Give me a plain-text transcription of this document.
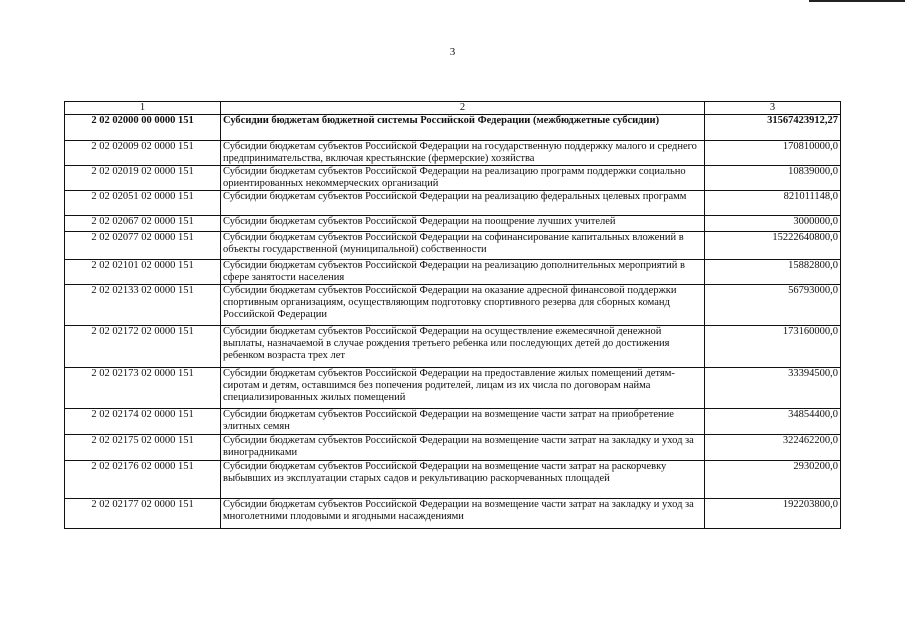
3
1	2	3
2 02 02000 00 0000 151	Субсидии бюджетам бюджетной системы Российской Федерации (межбюджетные субсидии)	31567423912,27
2 02 02009 02 0000 151	Субсидии бюджетам субъектов Российской Федерации на государственную поддержку малого и среднего предпринимательства, включая крестьянские (фермерские) хозяйства	170810000,0
2 02 02019 02 0000 151	Субсидии бюджетам субъектов Российской Федерации на реализацию программ поддержки социально ориентированных некоммерческих организаций	10839000,0
2 02 02051 02 0000 151	Субсидии бюджетам субъектов Российской Федерации на реализацию федеральных целевых программ	821011148,0
2 02 02067 02 0000 151	Субсидии бюджетам субъектов Российской Федерации на поощрение лучших учителей	3000000,0
2 02 02077 02 0000 151	Субсидии бюджетам субъектов Российской Федерации на софинансирование капитальных вложений в объекты государственной (муниципальной) собственности	15222640800,0
2 02 02101 02 0000 151	Субсидии бюджетам субъектов Российской Федерации на реализацию дополнительных мероприятий в сфере занятости населения	15882800,0
2 02 02133 02 0000 151	Субсидии бюджетам субъектов Российской Федерации на оказание адресной финансовой поддержки спортивным организациям, осуществляющим подготовку спортивного резерва для сборных команд Российской Федерации	56793000,0
2 02 02172 02 0000 151	Субсидии бюджетам субъектов Российской Федерации на осуществление ежемесячной денежной выплаты, назначаемой в случае рождения третьего ребенка или последующих детей до достижения ребенком возраста трех лет	173160000,0
2 02 02173 02 0000 151	Субсидии бюджетам субъектов Российской Федерации на предоставление жилых помещений детям-сиротам и детям, оставшимся без попечения родителей, лицам из их числа по договорам найма специализированных жилых помещений	33394500,0
2 02 02174 02 0000 151	Субсидии бюджетам субъектов Российской Федерации на возмещение части затрат на приобретение элитных семян	34854400,0
2 02 02175 02 0000 151	Субсидии бюджетам субъектов Российской Федерации на возмещение части затрат на закладку и уход за виноградниками	322462200,0
2 02 02176 02 0000 151	Субсидии бюджетам субъектов Российской Федерации на возмещение части затрат на раскорчевку выбывших из эксплуатации старых садов и рекультивацию раскорчеванных площадей	2930200,0
2 02 02177 02 0000 151	Субсидии бюджетам субъектов Российской Федерации на возмещение части затрат на закладку и уход за многолетними плодовыми и ягодными насаждениями	192203800,0
